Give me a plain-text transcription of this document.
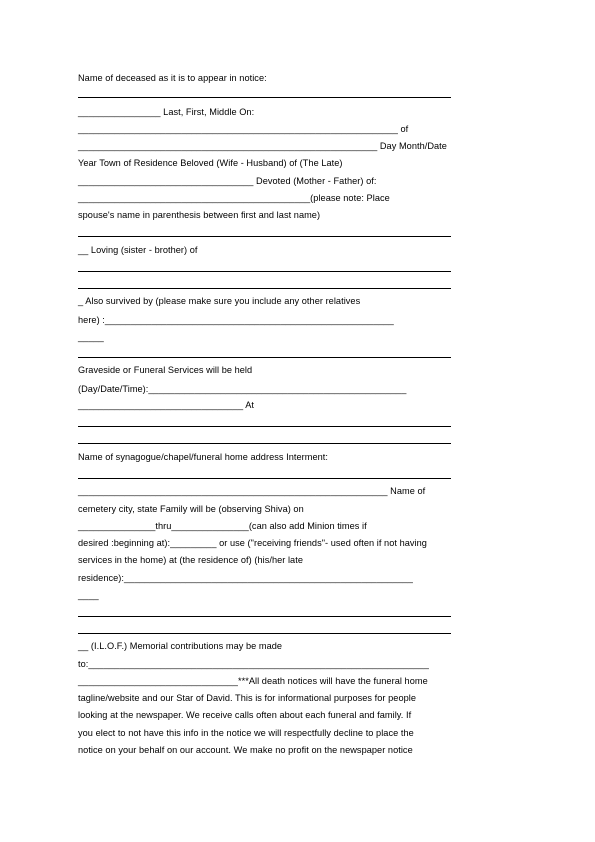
Name of deceased as it is to appear in notice:
________________ Last, First, Middle On:
______________________________________________________________ of
__________________________________________________________ Day Month/Date
Year Town of Residence Beloved (Wife - Husband) of (The Late)
__________________________________ Devoted (Mother - Father) of:
_____________________________________________(please note: Place
spouse's name in parenthesis between first and last name)
__ Loving (sister - brother) of
_ Also survived by (please make sure you include any other relatives
here) :________________________________________________________
_____
Graveside or Funeral Services will be held
(Day/Date/Time):__________________________________________________
________________________________ At
Name of synagogue/chapel/funeral home address Interment:
____________________________________________________________ Name of
cemetery city, state Family will be (observing Shiva) on
_______________thru_______________(can also add Minion times if
desired :beginning at):_________ or use ("receiving friends"- used often if not having
services in the home) at (the residence of) (his/her late
residence):________________________________________________________
____
__ (I.L.O.F.) Memorial contributions may be made
to:__________________________________________________________________
_______________________________***All death notices will have the funeral home
tagline/website and our Star of David. This is for informational purposes for people
looking at the newspaper. We receive calls often about each funeral and family. If
you elect to not have this info in the notice we will respectfully decline to place the
notice on your behalf on our account. We make no profit on the newspaper notice
